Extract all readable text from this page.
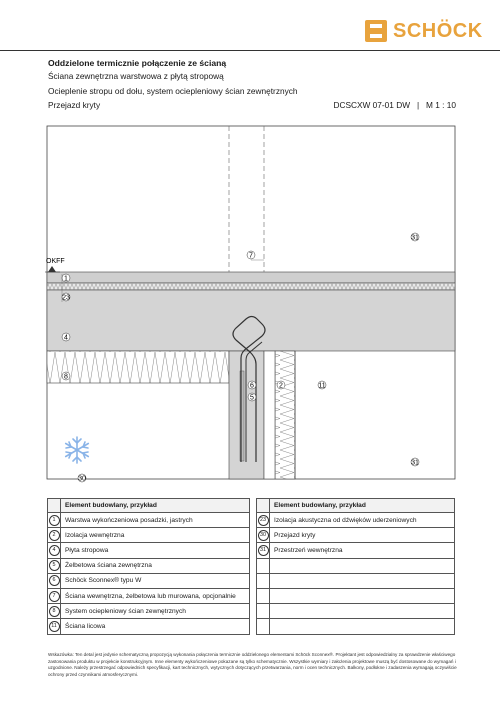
SCHÖCK
Oddzielone termicznie połączenie ze ścianą
Ściana zewnętrzna warstwowa z płytą stropową
Ocieplenie stropu od dołu, system ociepleniowy ścian zewnętrznych
Przejazd kryty	DCSCXW 07-01 DW   |   M 1 : 10
OKFF
1
23
4
8
7
6
5
2	11
31
31
30
	Element budowlany, przykład
1	Warstwa wykończeniowa posadzki, jastrych
2	Izolacja wewnętrzna
4	Płyta stropowa
5	Żelbetowa ściana zewnętrzna
6	Schöck Sconnex® typu W
7	Ściana wewnętrzna, żelbetowa lub murowana, opcjonalnie
8	System ociepleniowy ścian zewnętrznych
11	Ściana licowa
	Element budowlany, przykład
23	Izolacja akustyczna od dźwięków uderzeniowych
30	Przejazd kryty
31	Przestrzeń wewnętrzna

Wskazówka: Ten detal jest jedynie schematyczną propozycją wykonania połączenia termicznie oddzielonego elementami Schöck Sconnex®. Projektant jest odpowiedzialny za sprawdzenie właściwego zastosowania produktu w projekcie konstrukcyjnym. Inne elementy wykończeniowe pokazane są tylko schematycznie. Wszystkie wymiary i założenia projektowe muszą być dostosowane do wymagań i uzgodnione. Należy przestrzegać odpowiednich specyfikacji, kart technicznych, wytycznych dotyczących przetwarzania, norm i ocen technicznych. Balkony, podłokne i zadaszenia wymagają oczywiście ochrony przed czynnikami atmosferycznymi.
